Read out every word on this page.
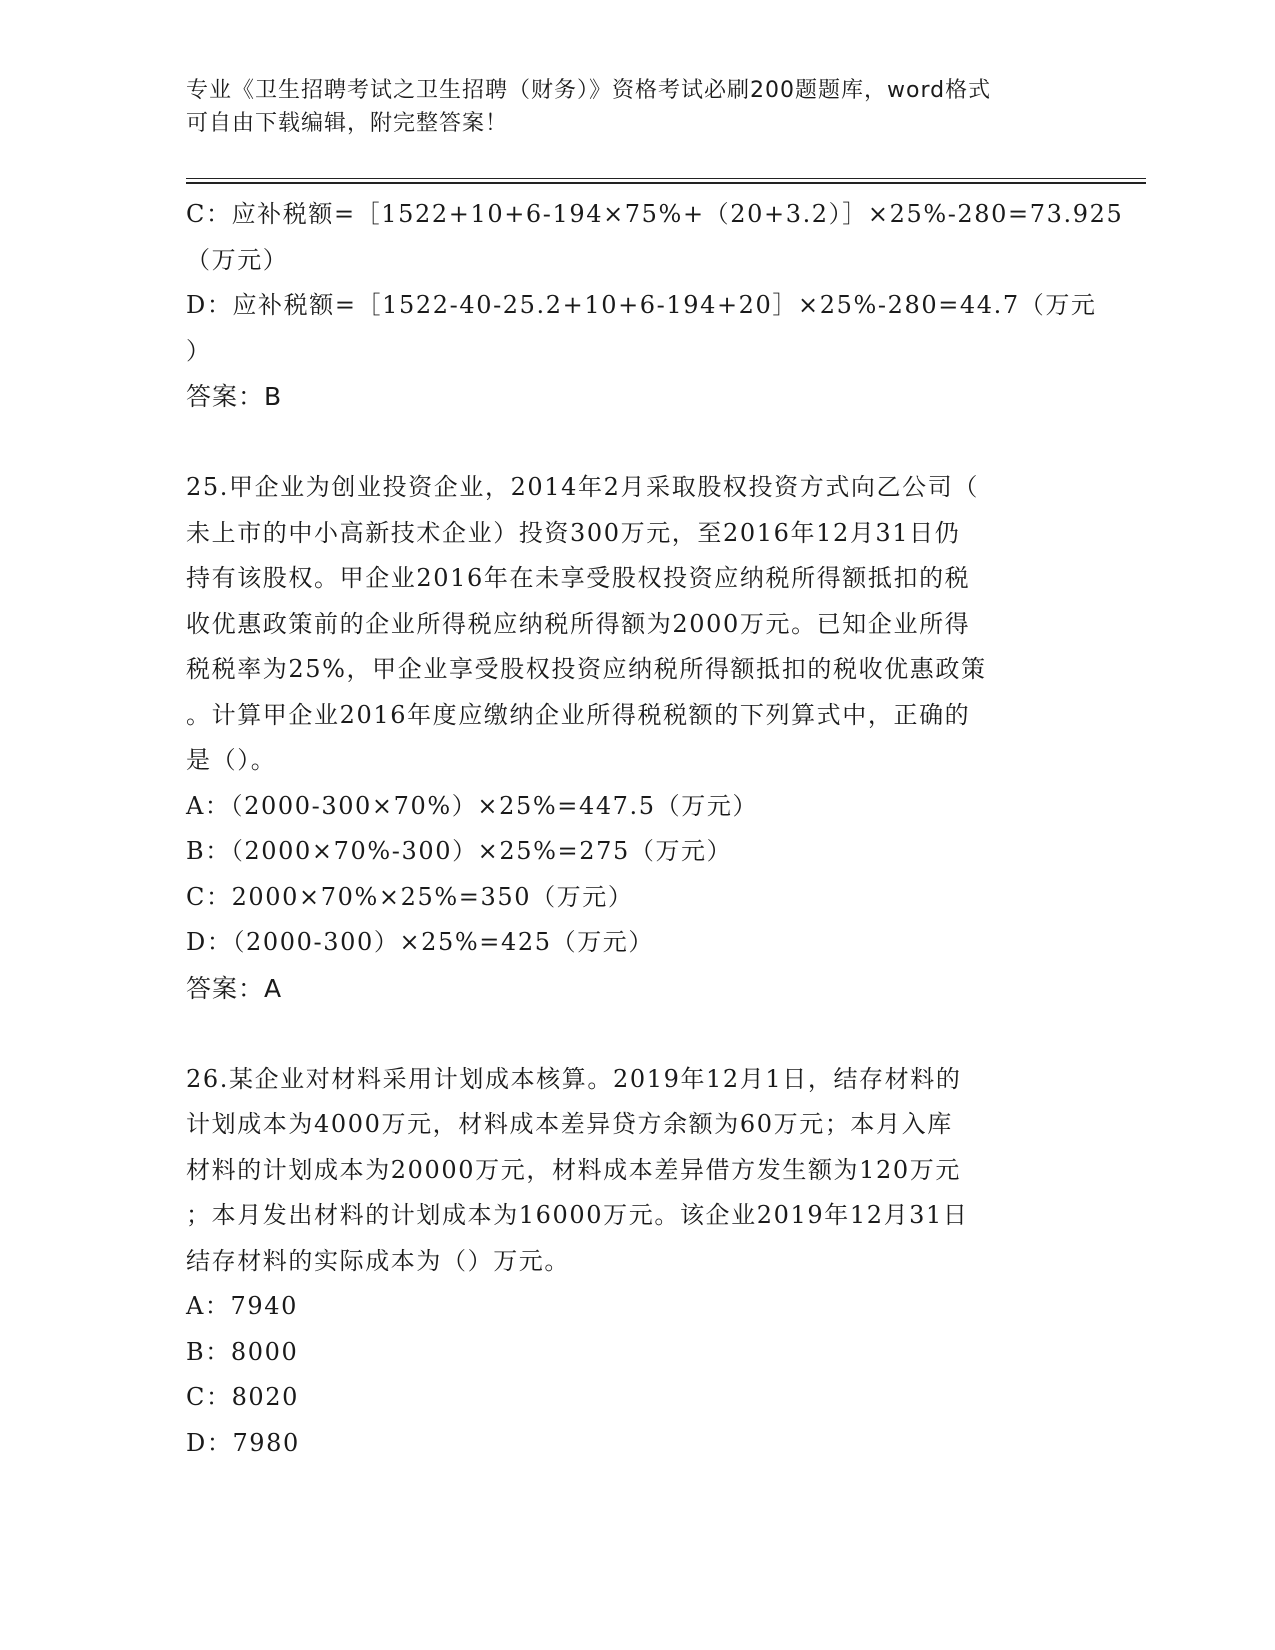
专业《卫生招聘考试之卫生招聘（财务）》资格考试必刷200题题库，word格式
可自由下载编辑，附完整答案！
C：应补税额=［1522+10+6-194×75%+（20+3.2）］×25%-280=73.925
（万元）
D：应补税额=［1522-40-25.2+10+6-194+20］×25%-280=44.7（万元
）
答案：B
25.甲企业为创业投资企业，2014年2月采取股权投资方式向乙公司（
未上市的中小高新技术企业）投资300万元，至2016年12月31日仍
持有该股权。甲企业2016年在未享受股权投资应纳税所得额抵扣的税
收优惠政策前的企业所得税应纳税所得额为2000万元。已知企业所得
税税率为25%，甲企业享受股权投资应纳税所得额抵扣的税收优惠政策
。计算甲企业2016年度应缴纳企业所得税税额的下列算式中，正确的
是（）。
A：（2000-300×70%）×25%=447.5（万元）
B：（2000×70%-300）×25%=275（万元）
C：2000×70%×25%=350（万元）
D：（2000-300）×25%=425（万元）
答案：A
26.某企业对材料采用计划成本核算。2019年12月1日，结存材料的
计划成本为4000万元，材料成本差异贷方余额为60万元；本月入库
材料的计划成本为20000万元，材料成本差异借方发生额为120万元
；本月发出材料的计划成本为16000万元。该企业2019年12月31日
结存材料的实际成本为（）万元。
A：7940
B：8000
C：8020
D：7980
